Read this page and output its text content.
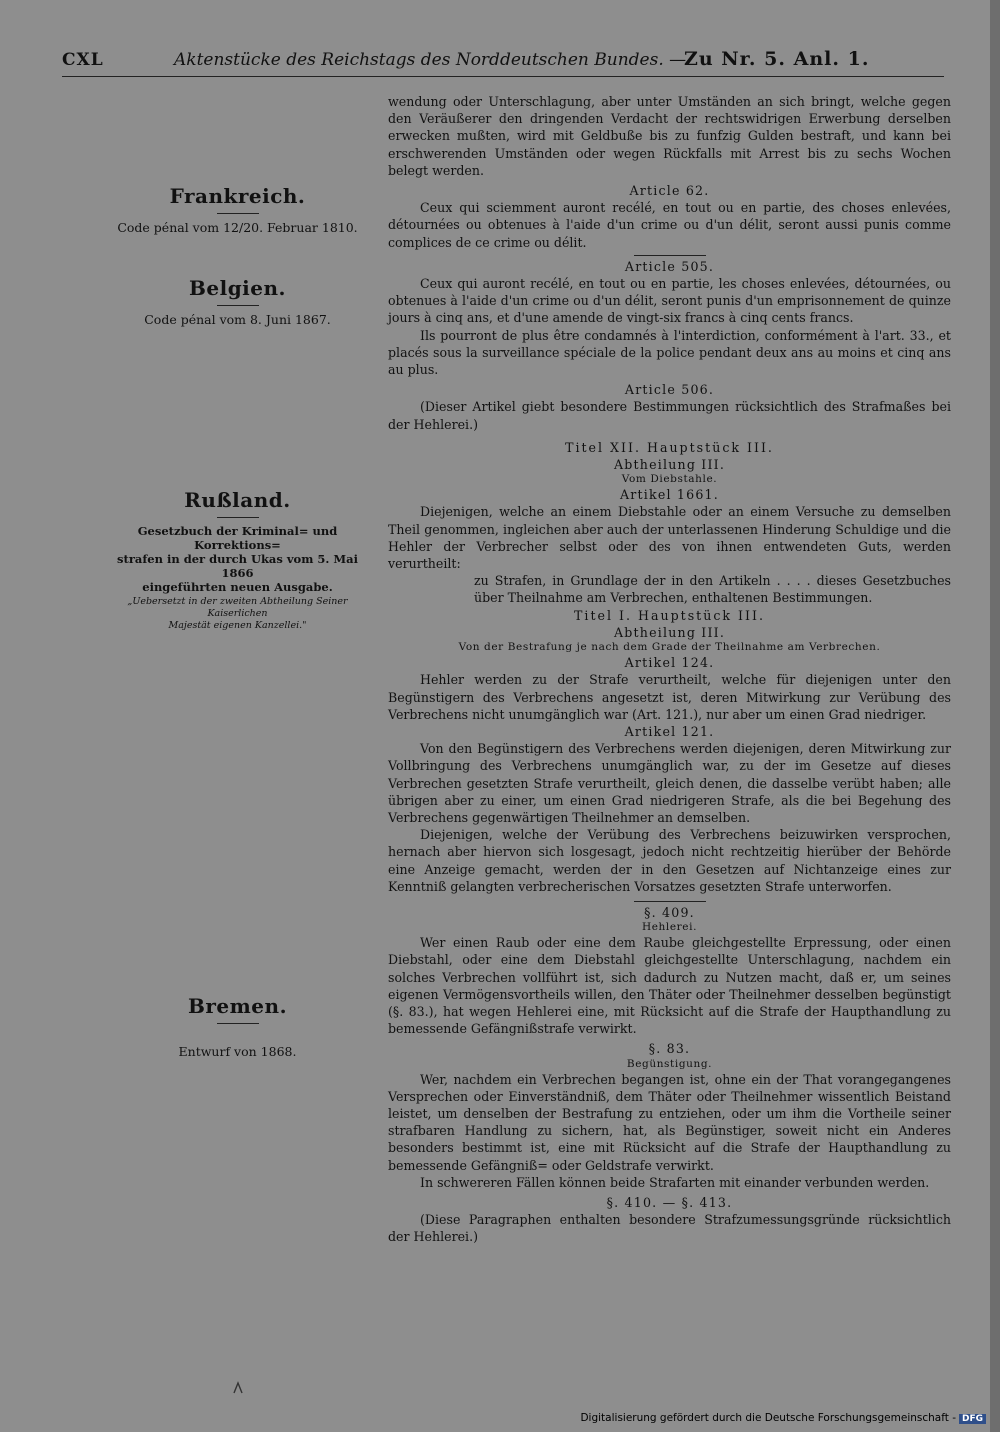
CXL	Aktenstücke des Reichstags des Norddeutschen Bundes. —
Zu Nr. 5. Anl. 1.
Frankreich.
Code pénal vom 12/20. Februar 1810.
Belgien.
Code pénal vom 8. Juni 1867.
Rußland.
Gesetzbuch der Kriminal= und Korrektions=
strafen in der durch Ukas vom 5. Mai 1866
eingeführten neuen Ausgabe.
„Uebersetzt in der zweiten Abtheilung Seiner Kaiserlichen
Majestät eigenen Kanzellei."
Bremen.
Entwurf von 1868.

wendung oder Unterschlagung, aber unter Umständen an sich bringt, welche gegen den Veräußerer den dringenden Verdacht der rechtswidrigen Erwerbung derselben erwecken mußten, wird mit Geldbuße bis zu funfzig Gulden bestraft, und kann bei erschwerenden Umständen oder wegen Rückfalls mit Arrest bis zu sechs Wochen belegt werden.

Article 62.

Ceux qui sciemment auront recélé, en tout ou en partie, des choses enlevées, détournées ou obtenues à l'aide d'un crime ou d'un délit, seront aussi punis comme complices de ce crime ou délit.

Article 505.

Ceux qui auront recélé, en tout ou en partie, les choses enlevées, détournées, ou obtenues à l'aide d'un crime ou d'un délit, seront punis d'un emprisonnement de quinze jours à cinq ans, et d'une amende de vingt-six francs à cinq cents francs.

Ils pourront de plus être condamnés à l'interdiction, conformément à l'art. 33., et placés sous la surveillance spéciale de la police pendant deux ans au moins et cinq ans au plus.

Article 506.

(Dieser Artikel giebt besondere Bestimmungen rücksichtlich des Strafmaßes bei der Hehlerei.)

Titel XII. Hauptstück III.

Abtheilung III.

Vom Diebstahle.

Artikel 1661.

Diejenigen, welche an einem Diebstahle oder an einem Versuche zu demselben Theil genommen, ingleichen aber auch der unterlassenen Hinderung Schuldige und die Hehler der Verbrecher selbst oder des von ihnen entwendeten Guts, werden verurtheilt:

zu Strafen, in Grundlage der in den Artikeln . . . . dieses Gesetzbuches über Theilnahme am Verbrechen, enthaltenen Bestimmungen.

Titel I. Hauptstück III.

Abtheilung III.

Von der Bestrafung je nach dem Grade der Theilnahme am Verbrechen.

Artikel 124.

Hehler werden zu der Strafe verurtheilt, welche für diejenigen unter den Begünstigern des Verbrechens angesetzt ist, deren Mitwirkung zur Verübung des Verbrechens nicht unumgänglich war (Art. 121.), nur aber um einen Grad niedriger.

Artikel 121.

Von den Begünstigern des Verbrechens werden diejenigen, deren Mitwirkung zur Vollbringung des Verbrechens unumgänglich war, zu der im Gesetze auf dieses Verbrechen gesetzten Strafe verurtheilt, gleich denen, die dasselbe verübt haben; alle übrigen aber zu einer, um einen Grad niedrigeren Strafe, als die bei Begehung des Verbrechens gegenwärtigen Theilnehmer an demselben.

Diejenigen, welche der Verübung des Verbrechens beizuwirken versprochen, hernach aber hiervon sich losgesagt, jedoch nicht rechtzeitig hierüber der Behörde eine Anzeige gemacht, werden der in den Gesetzen auf Nichtanzeige eines zur Kenntniß gelangten verbrecherischen Vorsatzes gesetzten Strafe unterworfen.

§. 409.

Hehlerei.

Wer einen Raub oder eine dem Raube gleichgestellte Erpressung, oder einen Diebstahl, oder eine dem Diebstahl gleichgestellte Unterschlagung, nachdem ein solches Verbrechen vollführt ist, sich dadurch zu Nutzen macht, daß er, um seines eigenen Vermögensvortheils willen, den Thäter oder Theilnehmer desselben begünstigt (§. 83.), hat wegen Hehlerei eine, mit Rücksicht auf die Strafe der Haupthandlung zu bemessende Gefängnißstrafe verwirkt.

§. 83.

Begünstigung.

Wer, nachdem ein Verbrechen begangen ist, ohne ein der That vorangegangenes Versprechen oder Einverständniß, dem Thäter oder Theilnehmer wissentlich Beistand leistet, um denselben der Bestrafung zu entziehen, oder um ihm die Vortheile seiner strafbaren Handlung zu sichern, hat, als Begünstiger, soweit nicht ein Anderes besonders bestimmt ist, eine mit Rücksicht auf die Strafe der Haupthandlung zu bemessende Gefängniß= oder Geldstrafe verwirkt.

In schwereren Fällen können beide Strafarten mit einander verbunden werden.

§. 410. — §. 413.

(Diese Paragraphen enthalten besondere Strafzumessungsgründe rücksichtlich der Hehlerei.)

Digitalisierung gefördert durch die Deutsche Forschungsgemeinschaft - DFG
